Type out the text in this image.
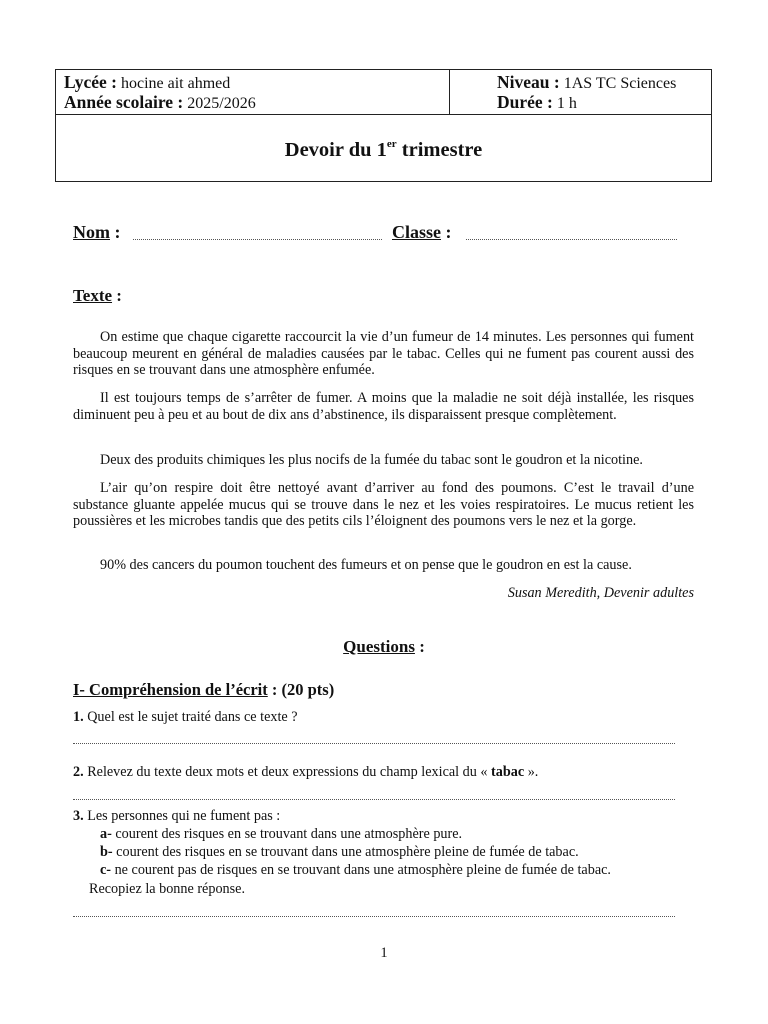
Lycée : hocine ait ahmed
Année scolaire : 2025/2026
Niveau : 1AS TC Sciences
Durée : 1 h
Devoir du 1er trimestre
Nom :	Classe :
Texte :

On estime que chaque cigarette raccourcit la vie d’un fumeur de 14 minutes. Les personnes qui fument beaucoup meurent en général de maladies causées par le tabac. Celles qui ne fument pas courent aussi des risques en se trouvant dans une atmosphère enfumée.

Il est toujours temps de s’arrêter de fumer. A moins que la maladie ne soit déjà installée, les risques diminuent peu à peu et au bout de dix ans d’abstinence, ils disparaissent presque complètement.

Deux des produits chimiques les plus nocifs de la fumée du tabac sont le goudron et la nicotine.

L’air qu’on respire doit être nettoyé avant d’arriver au fond des poumons. C’est le travail d’une substance gluante appelée mucus qui se trouve dans le nez et les voies respiratoires. Le mucus retient les poussières et les microbes tandis que des petits cils l’éloignent des poumons vers le nez et la gorge.

90% des cancers du poumon touchent des fumeurs et on pense que le goudron en est la cause.

Susan Meredith, Devenir adultes
Questions :
I- Compréhension de l’écrit : (20 pts)
1. Quel est le sujet traité dans ce texte ?
2. Relevez du texte deux mots et deux expressions du champ lexical du « tabac ».
3. Les personnes qui ne fument pas :
a- courent des risques en se trouvant dans une atmosphère pure.
b- courent des risques en se trouvant dans une atmosphère pleine de fumée de tabac.
c- ne courent pas de risques en se trouvant dans une atmosphère pleine de fumée de tabac.
Recopiez la bonne réponse.
1
